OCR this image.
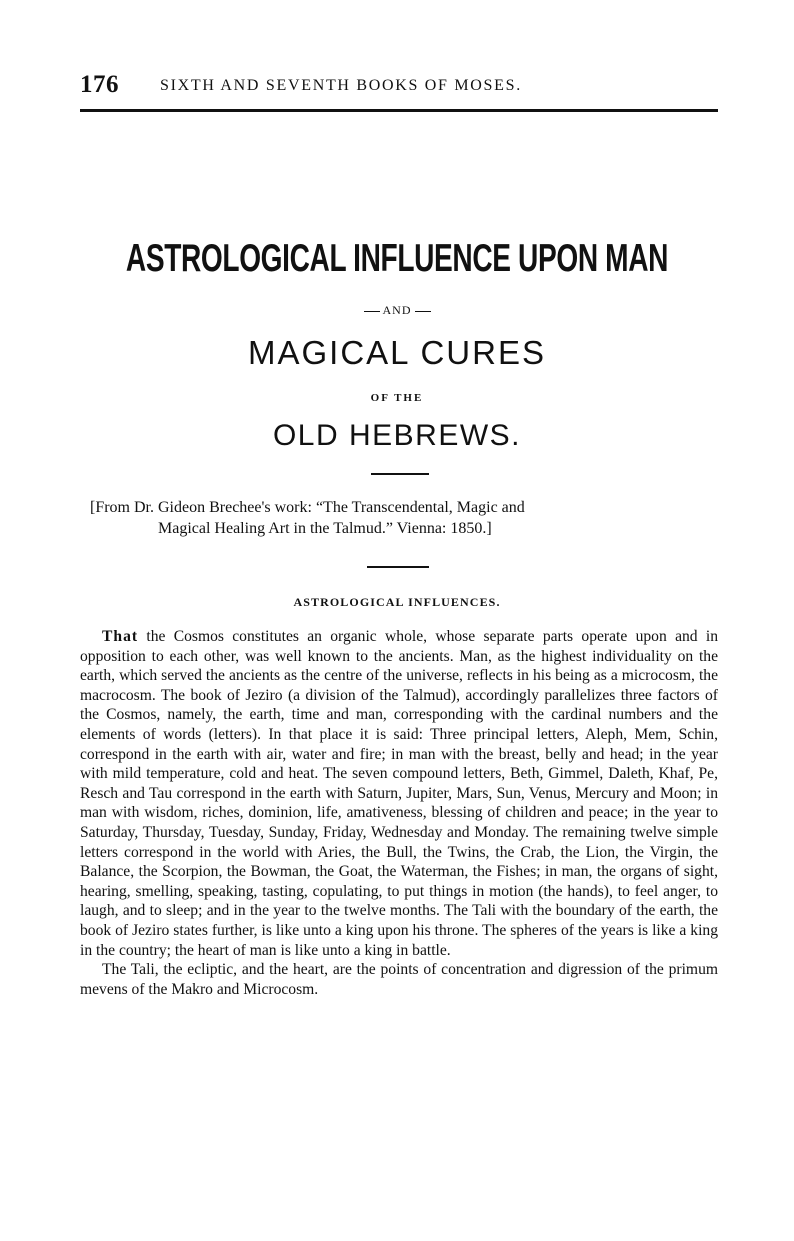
176	SIXTH AND SEVENTH BOOKS OF MOSES.
ASTROLOGICAL INFLUENCE UPON MAN
AND
MAGICAL CURES
OF THE
OLD HEBREWS.
[From Dr. Gideon Brechee's work: “The Transcendental, Magic and
Magical Healing Art in the Talmud.” Vienna: 1850.]
ASTROLOGICAL INFLUENCES.

That the Cosmos constitutes an organic whole, whose separate parts operate upon and in opposition to each other, was well known to the ancients. Man, as the highest individuality on the earth, which served the ancients as the centre of the universe, reflects in his being as a microcosm, the macrocosm. The book of Jeziro (a division of the Talmud), accordingly parallelizes three factors of the Cosmos, namely, the earth, time and man, corresponding with the cardinal numbers and the elements of words (letters). In that place it is said: Three principal letters, Aleph, Mem, Schin, correspond in the earth with air, water and fire; in man with the breast, belly and head; in the year with mild temperature, cold and heat. The seven compound letters, Beth, Gimmel, Daleth, Khaf, Pe, Resch and Tau correspond in the earth with Saturn, Jupiter, Mars, Sun, Venus, Mercury and Moon; in man with wisdom, riches, dominion, life, amativeness, blessing of children and peace; in the year to Saturday, Thursday, Tuesday, Sunday, Friday, Wednesday and Monday. The remaining twelve simple letters correspond in the world with Aries, the Bull, the Twins, the Crab, the Lion, the Virgin, the Balance, the Scorpion, the Bowman, the Goat, the Waterman, the Fishes; in man, the organs of sight, hearing, smelling, speaking, tasting, copulating, to put things in motion (the hands), to feel anger, to laugh, and to sleep; and in the year to the twelve months. The Tali with the boundary of the earth, the book of Jeziro states further, is like unto a king upon his throne. The spheres of the years is like a king in the country; the heart of man is like unto a king in battle.

The Tali, the ecliptic, and the heart, are the points of concentration and digression of the primum mevens of the Makro and Microcosm.
